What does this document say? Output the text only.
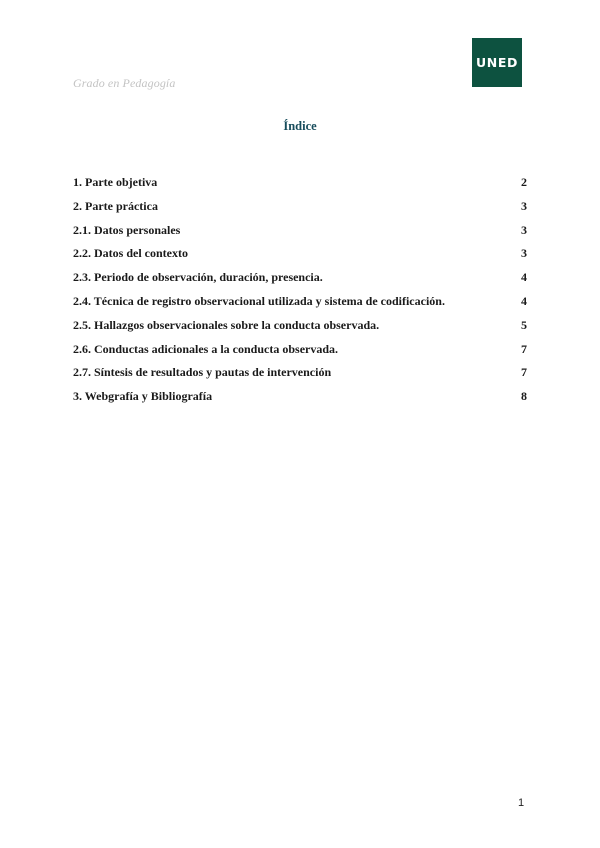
Grado en Pedagogía
UNED
Índice
1. Parte objetiva	2
2. Parte práctica	3
2.1. Datos personales	3
2.2. Datos del contexto	3
2.3. Periodo de observación, duración, presencia.	4
2.4. Técnica de registro observacional utilizada y sistema de codificación.	4
2.5. Hallazgos observacionales sobre la conducta observada.	5
2.6. Conductas adicionales a la conducta observada.	7
2.7. Síntesis de resultados y pautas de intervención	7
3. Webgrafía y Bibliografía	8
1
